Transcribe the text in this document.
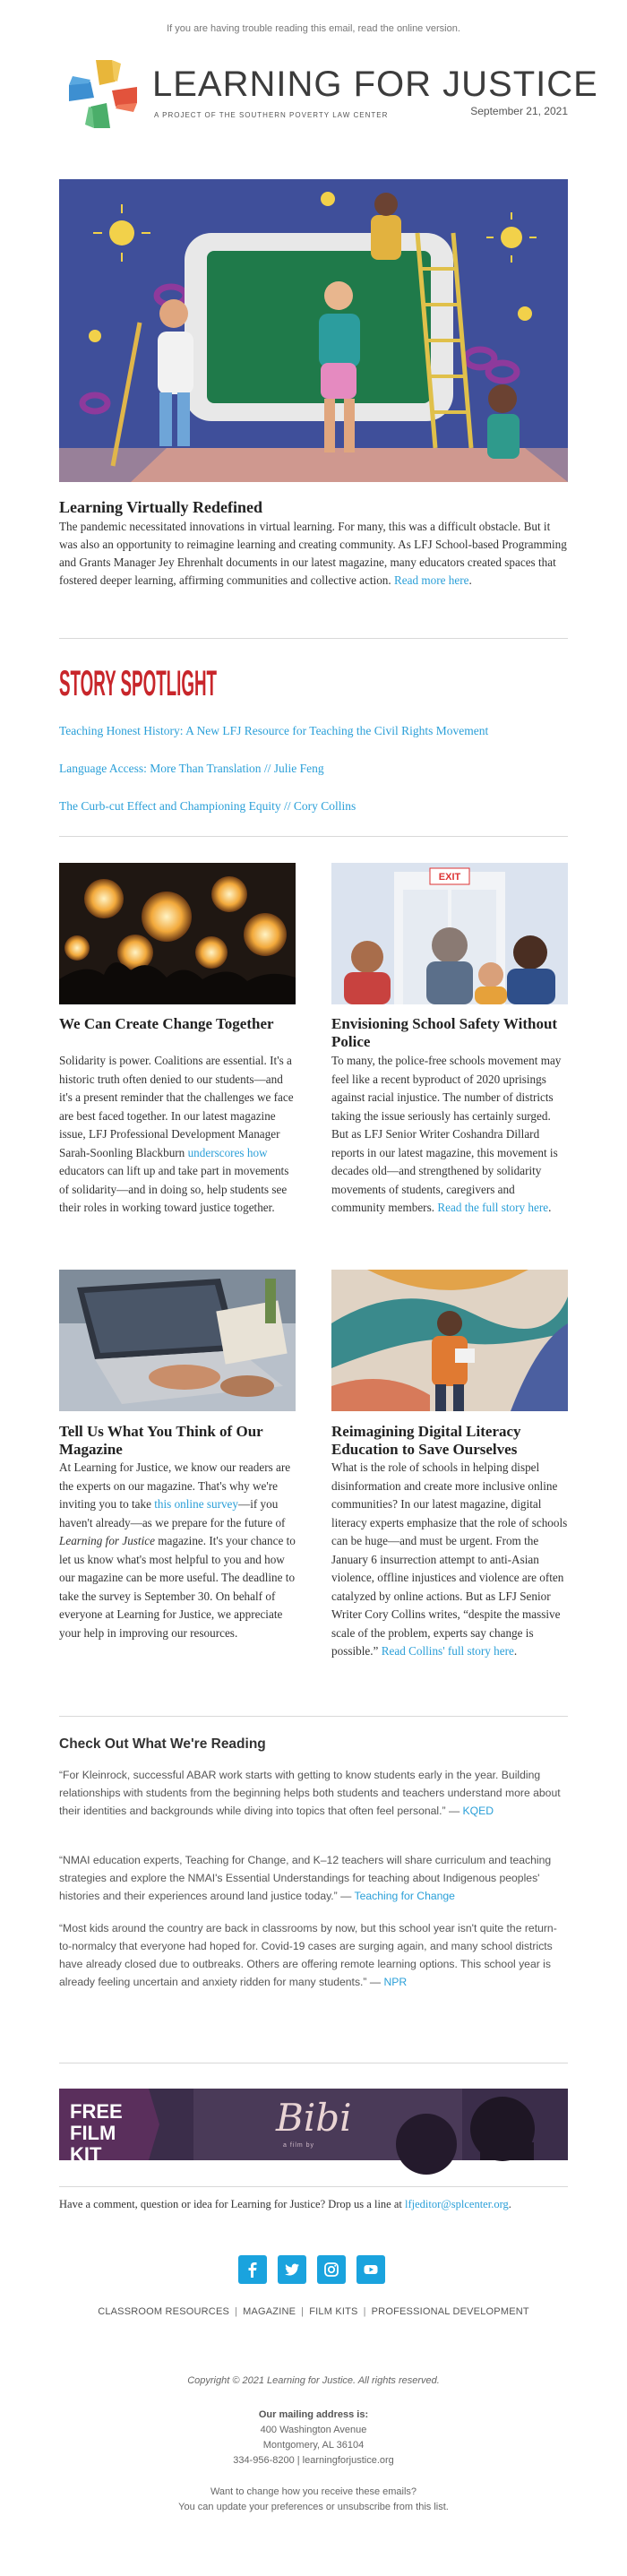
If you are having trouble reading this email, read the online version.
LEARNING FOR JUSTICE
A PROJECT OF THE SOUTHERN POVERTY LAW CENTER	September 21, 2021
Learning Virtually Redefined

The pandemic necessitated innovations in virtual learning. For many, this was a difficult obstacle. But it was also an opportunity to reimagine learning and creating community. As LFJ School-based Programming and Grants Manager Jey Ehrenhalt documents in our latest magazine, many educators created spaces that fostered deeper learning, affirming communities and collective action. Read more here.

STORY SPOTLIGHT
Teaching Honest History: A New LFJ Resource for Teaching the Civil Rights Movement
Language Access: More Than Translation // Julie Feng
The Curb-cut Effect and Championing Equity // Cory Collins
We Can Create Change Together

Solidarity is power. Coalitions are essential. It's a historic truth often denied to our students—and it's a present reminder that the challenges we face are best faced together. In our latest magazine issue, LFJ Professional Development Manager Sarah-Soonling Blackburn underscores how educators can lift up and take part in movements of solidarity—and in doing so, help students see their roles in working toward justice together.

EXIT
Envisioning School Safety Without Police

To many, the police-free schools movement may feel like a recent byproduct of 2020 uprisings against racial injustice. The number of districts taking the issue seriously has certainly surged. But as LFJ Senior Writer Coshandra Dillard reports in our latest magazine, this movement is decades old—and strengthened by solidarity movements of students, caregivers and community members. Read the full story here.

Tell Us What You Think of Our Magazine

At Learning for Justice, we know our readers are the experts on our magazine. That's why we're inviting you to take this online survey—if you haven't already—as we prepare for the future of Learning for Justice magazine. It's your chance to let us know what's most helpful to you and how our magazine can be more useful. The deadline to take the survey is September 30. On behalf of everyone at Learning for Justice, we appreciate your help in improving our resources.

Reimagining Digital Literacy Education to Save Ourselves

What is the role of schools in helping dispel disinformation and create more inclusive online communities? In our latest magazine, digital literacy experts emphasize that the role of schools can be huge—and must be urgent. From the January 6 insurrection attempt to anti-Asian violence, offline injustices and violence are often catalyzed by online actions. But as LFJ Senior Writer Cory Collins writes, “despite the massive scale of the problem, experts say change is possible.” Read Collins' full story here.

Check Out What We're Reading

“For Kleinrock, successful ABAR work starts with getting to know students early in the year. Building relationships with students from the beginning helps both students and teachers understand more about their identities and backgrounds while diving into topics that often feel personal.” — KQED

“NMAI education experts, Teaching for Change, and K–12 teachers will share curriculum and teaching strategies and explore the NMAI's Essential Understandings for teaching about Indigenous peoples' histories and their experiences around land justice today.” — Teaching for Change

“Most kids around the country are back in classrooms by now, but this school year isn't quite the return-to-normalcy that everyone had hoped for. Covid-19 cases are surging again, and many school districts have already closed due to outbreaks. Others are offering remote learning options. This school year is already feeling uncertain and anxiety ridden for many students.” — NPR

FREE
FILM
KIT
Bibi
a film by

Have a comment, question or idea for Learning for Justice? Drop us a line at lfjeditor@splcenter.org.

CLASSROOM RESOURCES | MAGAZINE | FILM KITS | PROFESSIONAL DEVELOPMENT
Copyright © 2021 Learning for Justice. All rights reserved.
Our mailing address is:
400 Washington Avenue
Montgomery, AL 36104
334-956-8200 | learningforjustice.org
Want to change how you receive these emails?
You can update your preferences or unsubscribe from this list.
